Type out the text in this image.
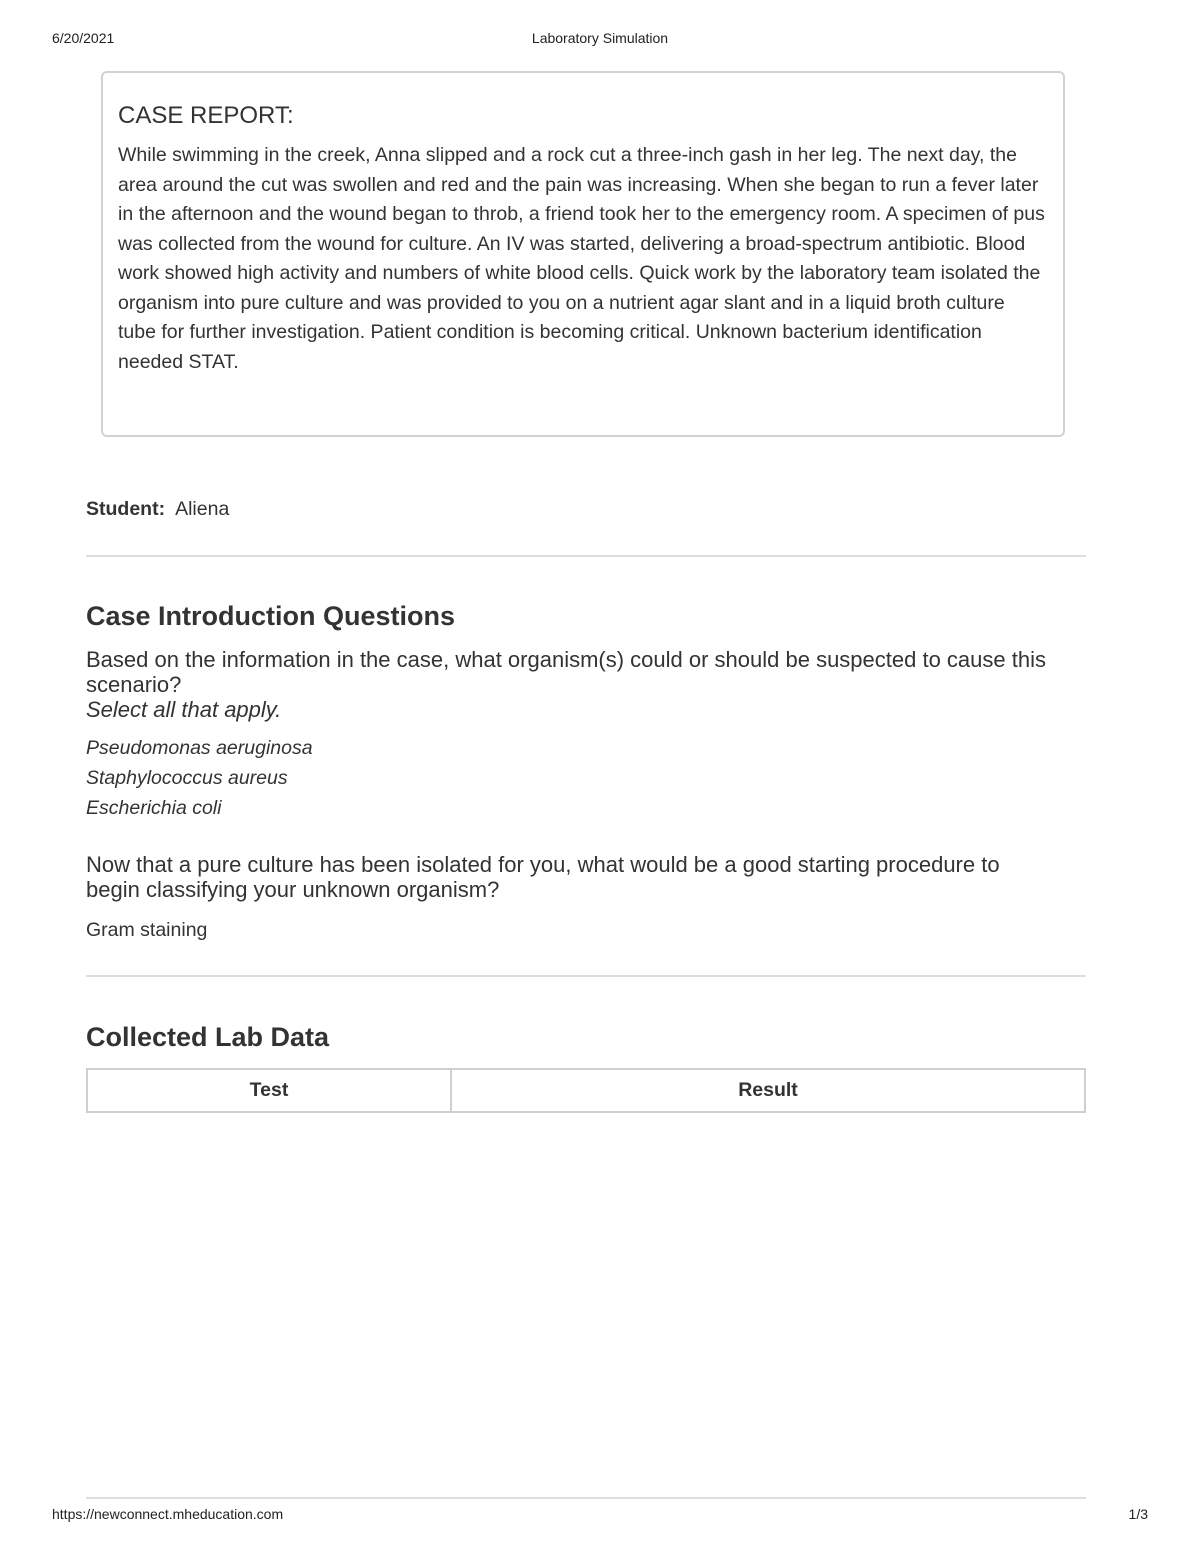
6/20/2021	Laboratory Simulation
CASE REPORT:

While swimming in the creek, Anna slipped and a rock cut a three-inch gash in her leg. The next day, the area around the cut was swollen and red and the pain was increasing. When she began to run a fever later in the afternoon and the wound began to throb, a friend took her to the emergency room. A specimen of pus was collected from the wound for culture. An IV was started, delivering a broad-spectrum antibiotic. Blood work showed high activity and numbers of white blood cells. Quick work by the laboratory team isolated the organism into pure culture and was provided to you on a nutrient agar slant and in a liquid broth culture tube for further investigation. Patient condition is becoming critical. Unknown bacterium identification needed STAT.

Student: Aliena
Case Introduction Questions

Based on the information in the case, what organism(s) could or should be suspected to cause this scenario?
Select all that apply.

Pseudomonas aeruginosa
Staphylococcus aureus
Escherichia coli

Now that a pure culture has been isolated for you, what would be a good starting procedure to begin classifying your unknown organism?

Gram staining
Collected Lab Data
Test	Result
https://newconnect.mheducation.com	1/3
